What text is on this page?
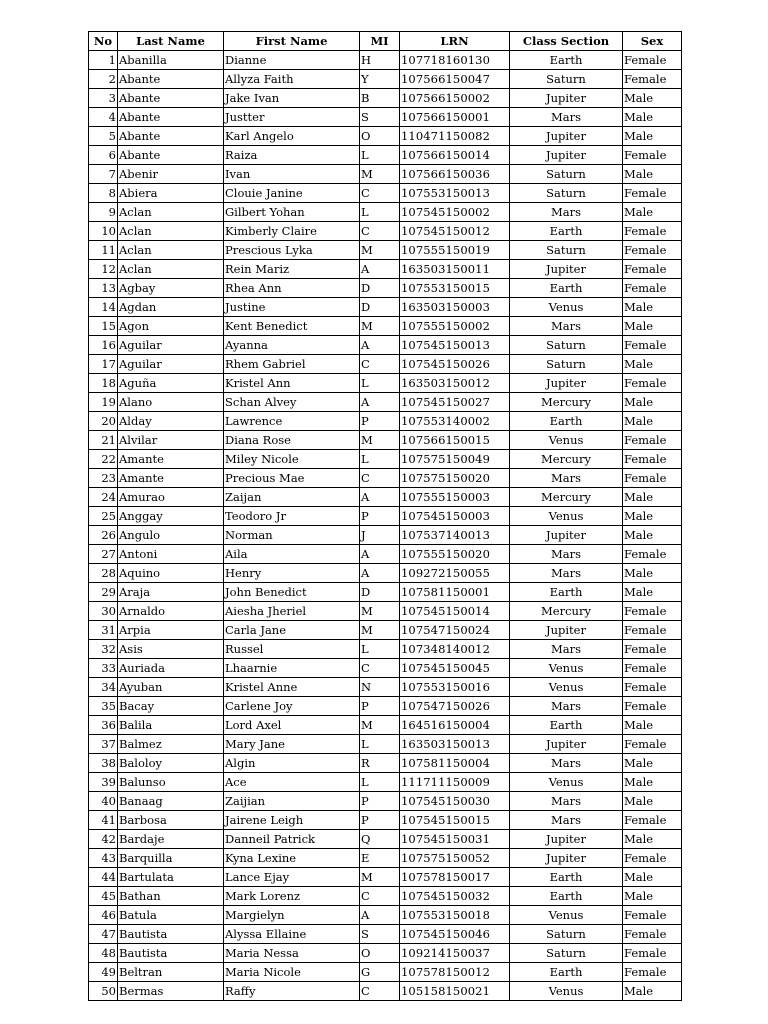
No	Last Name	First Name	MI	LRN	Class Section	Sex
1	Abanilla	Dianne	H	107718160130	Earth	Female
2	Abante	Allyza Faith	Y	107566150047	Saturn	Female
3	Abante	Jake Ivan	B	107566150002	Jupiter	Male
4	Abante	Justter	S	107566150001	Mars	Male
5	Abante	Karl Angelo	O	110471150082	Jupiter	Male
6	Abante	Raiza	L	107566150014	Jupiter	Female
7	Abenir	Ivan	M	107566150036	Saturn	Male
8	Abiera	Clouie Janine	C	107553150013	Saturn	Female
9	Aclan	Gilbert Yohan	L	107545150002	Mars	Male
10	Aclan	Kimberly Claire	C	107545150012	Earth	Female
11	Aclan	Prescious Lyka	M	107555150019	Saturn	Female
12	Aclan	Rein Mariz	A	163503150011	Jupiter	Female
13	Agbay	Rhea Ann	D	107553150015	Earth	Female
14	Agdan	Justine	D	163503150003	Venus	Male
15	Agon	Kent Benedict	M	107555150002	Mars	Male
16	Aguilar	Ayanna	A	107545150013	Saturn	Female
17	Aguilar	Rhem Gabriel	C	107545150026	Saturn	Male
18	Aguña	Kristel Ann	L	163503150012	Jupiter	Female
19	Alano	Schan Alvey	A	107545150027	Mercury	Male
20	Alday	Lawrence	P	107553140002	Earth	Male
21	Alvilar	Diana Rose	M	107566150015	Venus	Female
22	Amante	Miley Nicole	L	107575150049	Mercury	Female
23	Amante	Precious Mae	C	107575150020	Mars	Female
24	Amurao	Zaijan	A	107555150003	Mercury	Male
25	Anggay	Teodoro Jr	P	107545150003	Venus	Male
26	Angulo	Norman	J	107537140013	Jupiter	Male
27	Antoni	Aila	A	107555150020	Mars	Female
28	Aquino	Henry	A	109272150055	Mars	Male
29	Araja	John Benedict	D	107581150001	Earth	Male
30	Arnaldo	Aiesha Jheriel	M	107545150014	Mercury	Female
31	Arpia	Carla Jane	M	107547150024	Jupiter	Female
32	Asis	Russel	L	107348140012	Mars	Female
33	Auriada	Lhaarnie	C	107545150045	Venus	Female
34	Ayuban	Kristel Anne	N	107553150016	Venus	Female
35	Bacay	Carlene Joy	P	107547150026	Mars	Female
36	Balila	Lord Axel	M	164516150004	Earth	Male
37	Balmez	Mary Jane	L	163503150013	Jupiter	Female
38	Baloloy	Algin	R	107581150004	Mars	Male
39	Balunso	Ace	L	111711150009	Venus	Male
40	Banaag	Zaijian	P	107545150030	Mars	Male
41	Barbosa	Jairene Leigh	P	107545150015	Mars	Female
42	Bardaje	Danneil Patrick	Q	107545150031	Jupiter	Male
43	Barquilla	Kyna Lexine	E	107575150052	Jupiter	Female
44	Bartulata	Lance Ejay	M	107578150017	Earth	Male
45	Bathan	Mark Lorenz	C	107545150032	Earth	Male
46	Batula	Margielyn	A	107553150018	Venus	Female
47	Bautista	Alyssa Ellaine	S	107545150046	Saturn	Female
48	Bautista	Maria Nessa	O	109214150037	Saturn	Female
49	Beltran	Maria Nicole	G	107578150012	Earth	Female
50	Bermas	Raffy	C	105158150021	Venus	Male
